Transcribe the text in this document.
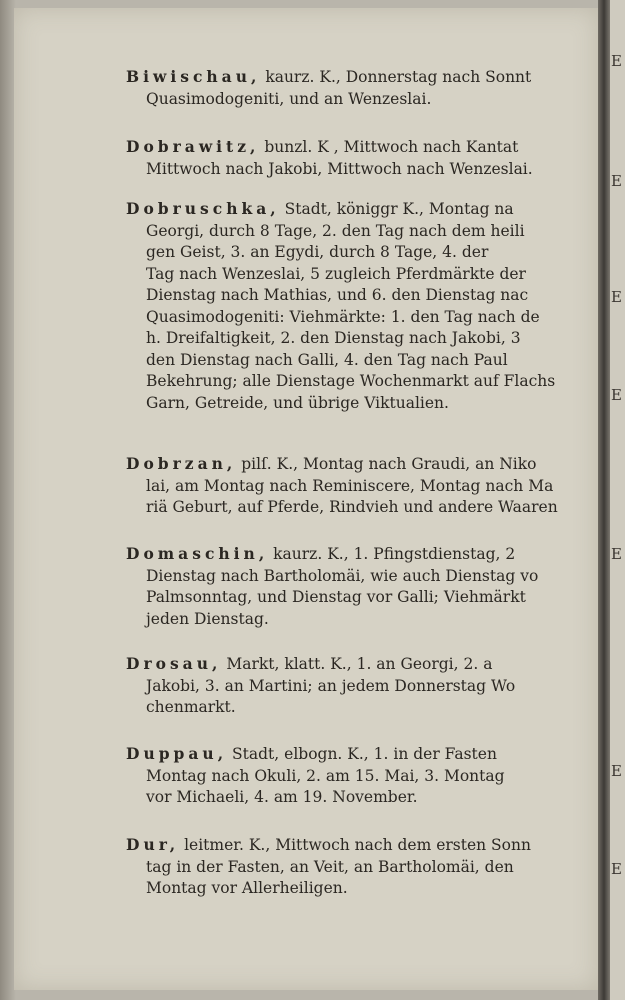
Biwischau, kaurz. K., Donnerstag nach Sonnt
Quasimodogeniti, und an Wenzeslai.
Dobrawitz, bunzl. K , Mittwoch nach Kantat
Mittwoch nach Jakobi, Mittwoch nach Wenzeslai.
Dobruschka, Stadt, königgr K., Montag na
Georgi, durch 8 Tage, 2. den Tag nach dem heili
gen Geist, 3. an Egydi, durch 8 Tage, 4. der
Tag nach Wenzeslai, 5 zugleich Pferdmärkte der
Dienstag nach Mathias, und 6. den Dienstag nac
Quasimodogeniti: Viehmärkte: 1. den Tag nach de
h. Dreifaltigkeit, 2. den Dienstag nach Jakobi, 3
den Dienstag nach Galli, 4. den Tag nach Paul
Bekehrung; alle Dienstage Wochenmarkt auf Flachs
Garn, Getreide, und übrige Viktualien.
Dobrzan, pilſ. K., Montag nach Graudi, an Niko
lai, am Montag nach Reminiscere, Montag nach Ma
riä Geburt, auf Pferde, Rindvieh und andere Waaren
Domaschin, kaurz. K., 1. Pfingstdienstag, 2
Dienstag nach Bartholomäi, wie auch Dienstag vo
Palmsonntag, und Dienstag vor Galli; Viehmärkt
jeden Dienstag.
Drosau, Markt, klatt. K., 1. an Georgi, 2. a
Jakobi, 3. an Martini; an jedem Donnerstag Wo
chenmarkt.
Duppau, Stadt, elbogn. K., 1. in der Fasten
Montag nach Okuli, 2. am 15. Mai, 3. Montag
vor Michaeli, 4. am 19. November.
Dur, leitmer. K., Mittwoch nach dem ersten Sonn
tag in der Fasten, an Veit, an Bartholomäi, den
Montag vor Allerheiligen.
E
E
E
E
E
E
E
